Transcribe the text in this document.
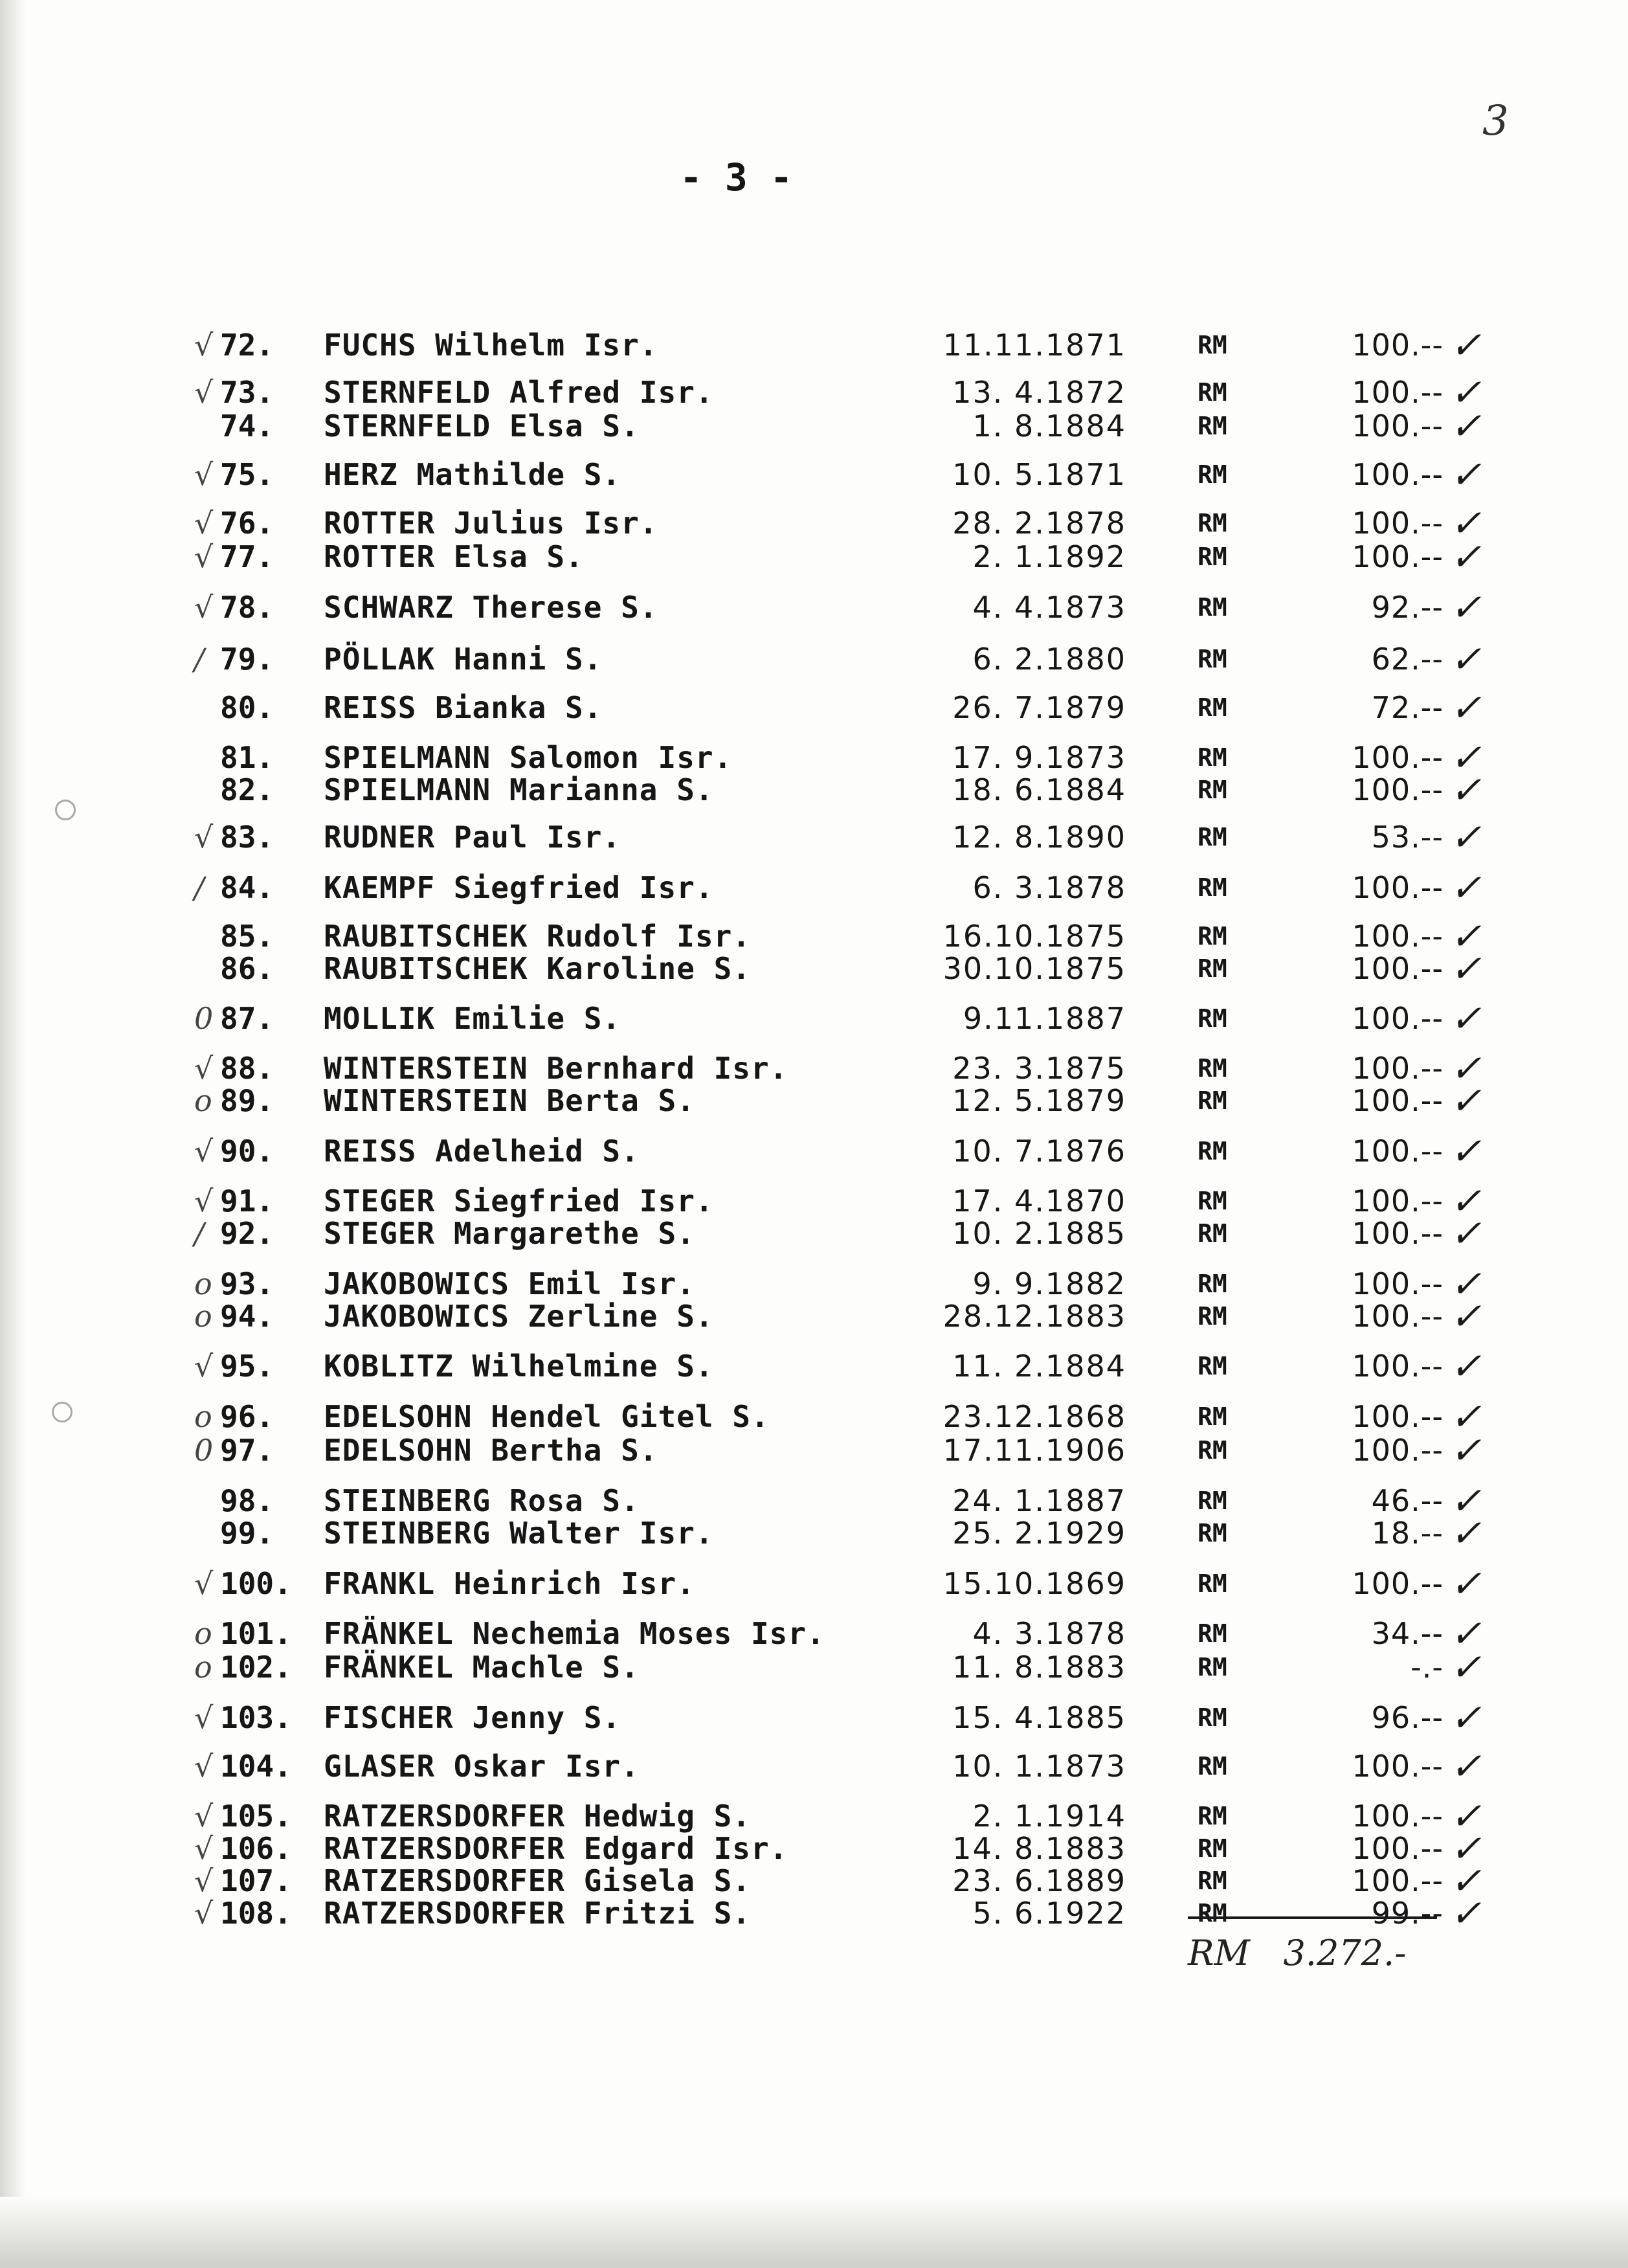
3
- 3 -
√ 72. FUCHS Wilhelm Isr.	11.11.1871	RM	100.-- ✓
√ 73. STERNFELD Alfred Isr.	13. 4.1872	RM	100.-- ✓
74. STERNFELD Elsa S.	1. 8.1884	RM	100.-- ✓
√ 75. HERZ Mathilde S.	10. 5.1871	RM	100.-- ✓
√ 76. ROTTER Julius Isr.	28. 2.1878	RM	100.-- ✓
√ 77. ROTTER Elsa S.	2. 1.1892	RM	100.-- ✓
√ 78. SCHWARZ Therese S.	4. 4.1873	RM	92.-- ✓
/ 79. PÖLLAK Hanni S.	6. 2.1880	RM	62.-- ✓
80. REISS Bianka S.	26. 7.1879	RM	72.-- ✓
81. SPIELMANN Salomon Isr.	17. 9.1873	RM	100.-- ✓
82. SPIELMANN Marianna S.	18. 6.1884	RM	100.-- ✓
√ 83. RUDNER Paul Isr.	12. 8.1890	RM	53.-- ✓
/ 84. KAEMPF Siegfried Isr.	6. 3.1878	RM	100.-- ✓
85. RAUBITSCHEK Rudolf Isr.	16.10.1875	RM	100.-- ✓
86. RAUBITSCHEK Karoline S.	30.10.1875	RM	100.-- ✓
0 87. MOLLIK Emilie S.	9.11.1887	RM	100.-- ✓
√ 88. WINTERSTEIN Bernhard Isr.	23. 3.1875	RM	100.-- ✓
o 89. WINTERSTEIN Berta S.	12. 5.1879	RM	100.-- ✓
√ 90. REISS Adelheid S.	10. 7.1876	RM	100.-- ✓
√ 91. STEGER Siegfried Isr.	17. 4.1870	RM	100.-- ✓
/ 92. STEGER Margarethe S.	10. 2.1885	RM	100.-- ✓
o 93. JAKOBOWICS Emil Isr.	9. 9.1882	RM	100.-- ✓
o 94. JAKOBOWICS Zerline S.	28.12.1883	RM	100.-- ✓
√ 95. KOBLITZ Wilhelmine S.	11. 2.1884	RM	100.-- ✓
o 96. EDELSOHN Hendel Gitel S.	23.12.1868	RM	100.-- ✓
0 97. EDELSOHN Bertha S.	17.11.1906	RM	100.-- ✓
98. STEINBERG Rosa S.	24. 1.1887	RM	46.-- ✓
99. STEINBERG Walter Isr.	25. 2.1929	RM	18.-- ✓
√ 100. FRANKL Heinrich Isr.	15.10.1869	RM	100.-- ✓
o 101. FRÄNKEL Nechemia Moses Isr.	4. 3.1878	RM	34.-- ✓
o 102. FRÄNKEL Machle S.	11. 8.1883	RM	-.- ✓
√ 103. FISCHER Jenny S.	15. 4.1885	RM	96.-- ✓
√ 104. GLASER Oskar Isr.	10. 1.1873	RM	100.-- ✓
√ 105. RATZERSDORFER Hedwig S.	2. 1.1914	RM	100.-- ✓
√ 106. RATZERSDORFER Edgard Isr.	14. 8.1883	RM	100.-- ✓
√ 107. RATZERSDORFER Gisela S.	23. 6.1889	RM	100.-- ✓
√ 108. RATZERSDORFER Fritzi S.	5. 6.1922	RM	99.-- ✓
RM   3.272.-
